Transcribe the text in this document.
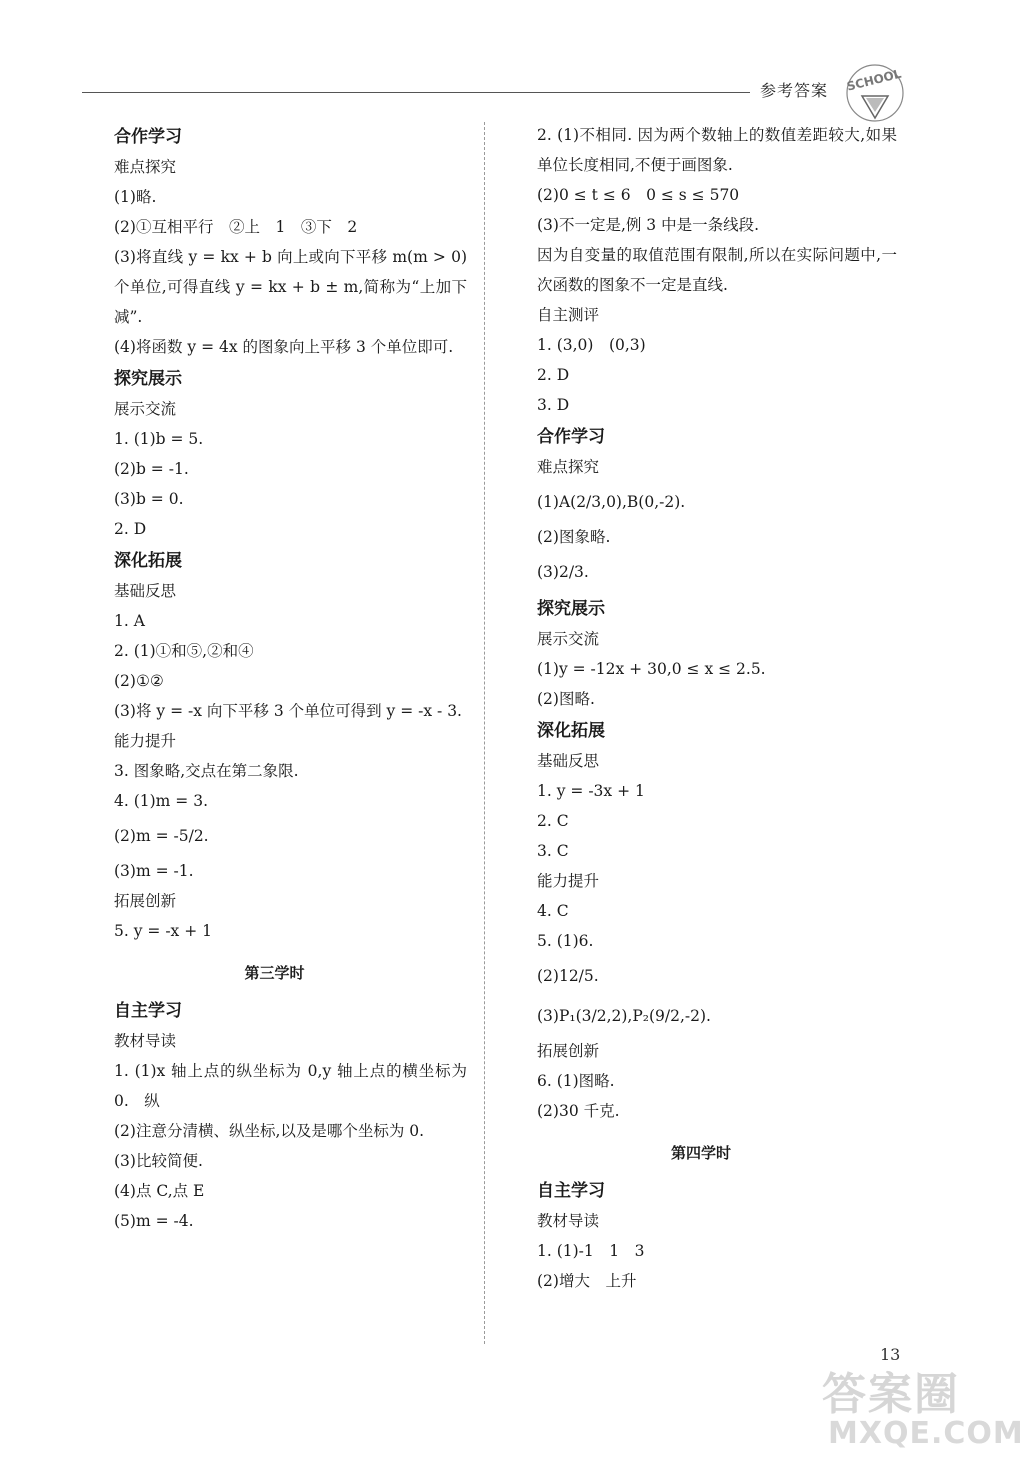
参考答案 SCHOOL
合作学习
难点探究
(1)略.
(2)①互相平行　②上　1　③下　2
(3)将直线 y = kx + b 向上或向下平移 m(m > 0)个单位,可得直线 y = kx + b ± m,简称为“上加下减”.
(4)将函数 y = 4x 的图象向上平移 3 个单位即可.
探究展示
展示交流
1. (1)b = 5.
(2)b = -1.
(3)b = 0.
2. D
深化拓展
基础反思
1. A
2. (1)①和⑤,②和④
(2)①②
(3)将 y = -x 向下平移 3 个单位可得到 y = -x - 3.
能力提升
3. 图象略,交点在第二象限.
4. (1)m = 3.
(2)m = -5/2.
(3)m = -1.
拓展创新
5. y = -x + 1
第三学时
自主学习
教材导读
1. (1)x 轴上点的纵坐标为 0,y 轴上点的横坐标为 0.　纵
(2)注意分清横、纵坐标,以及是哪个坐标为 0.
(3)比较简便.
(4)点 C,点 E
(5)m = -4.
2. (1)不相同. 因为两个数轴上的数值差距较大,如果单位长度相同,不便于画图象.
(2)0 ≤ t ≤ 6　0 ≤ s ≤ 570
(3)不一定是,例 3 中是一条线段.
因为自变量的取值范围有限制,所以在实际问题中,一次函数的图象不一定是直线.
自主测评
1. (3,0)　(0,3)
2. D
3. D
合作学习
难点探究
(1)A(2/3,0),B(0,-2).
(2)图象略.
(3)2/3.
探究展示
展示交流
(1)y = -12x + 30,0 ≤ x ≤ 2.5.
(2)图略.
深化拓展
基础反思
1. y = -3x + 1
2. C
3. C
能力提升
4. C
5. (1)6.
(2)12/5.
(3)P₁(3/2,2),P₂(9/2,-2).
拓展创新
6. (1)图略.
(2)30 千克.
第四学时
自主学习
教材导读
1. (1)-1　1　3
(2)增大　上升
13
答案圈
MXQE.COM
